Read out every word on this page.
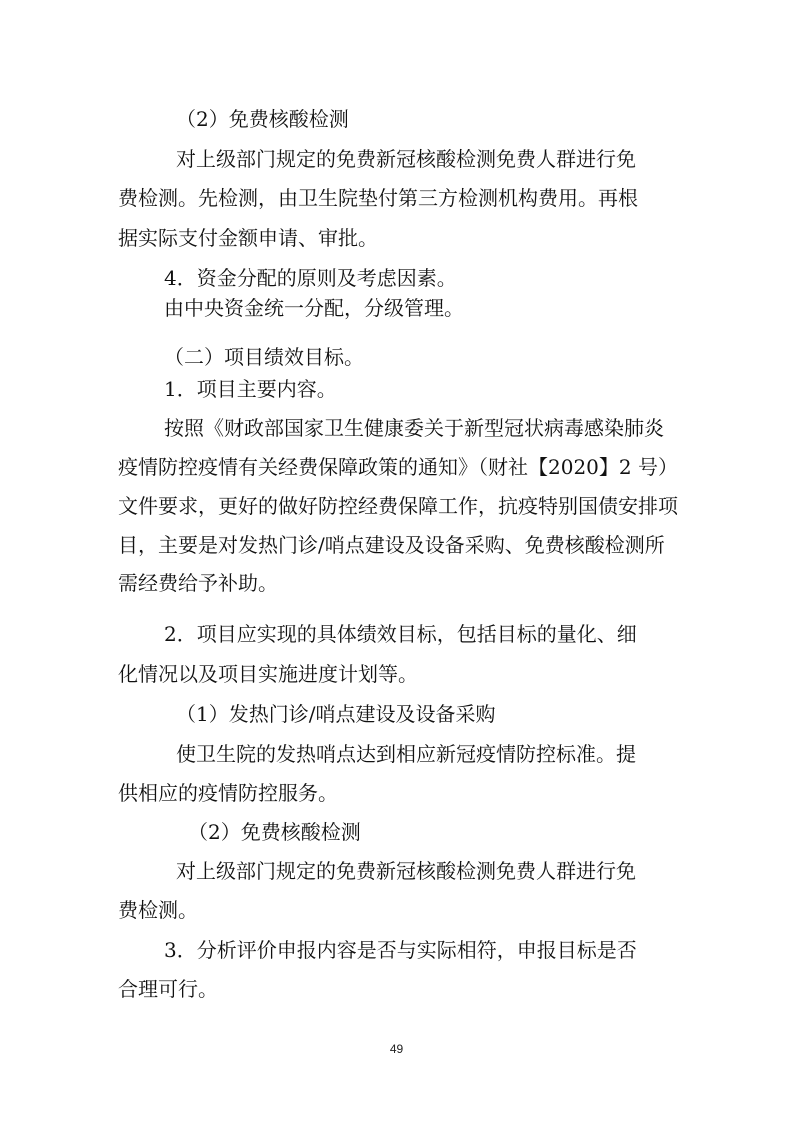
（2）免费核酸检测
对上级部门规定的免费新冠核酸检测免费人群进行免
费检测。先检测，由卫生院垫付第三方检测机构费用。再根
据实际支付金额申请、审批。
4．资金分配的原则及考虑因素。
由中央资金统一分配，分级管理。
（二）项目绩效目标。
1．项目主要内容。
按照《财政部国家卫生健康委关于新型冠状病毒感染肺炎
疫情防控疫情有关经费保障政策的通知》（财社【2020】2 号）
文件要求，更好的做好防控经费保障工作，抗疫特别国债安排项
目，主要是对发热门诊/哨点建设及设备采购、免费核酸检测所
需经费给予补助。
2．项目应实现的具体绩效目标，包括目标的量化、细
化情况以及项目实施进度计划等。
（1）发热门诊/哨点建设及设备采购
使卫生院的发热哨点达到相应新冠疫情防控标准。提
供相应的疫情防控服务。
（2）免费核酸检测
对上级部门规定的免费新冠核酸检测免费人群进行免
费检测。
3．分析评价申报内容是否与实际相符，申报目标是否
合理可行。
49
